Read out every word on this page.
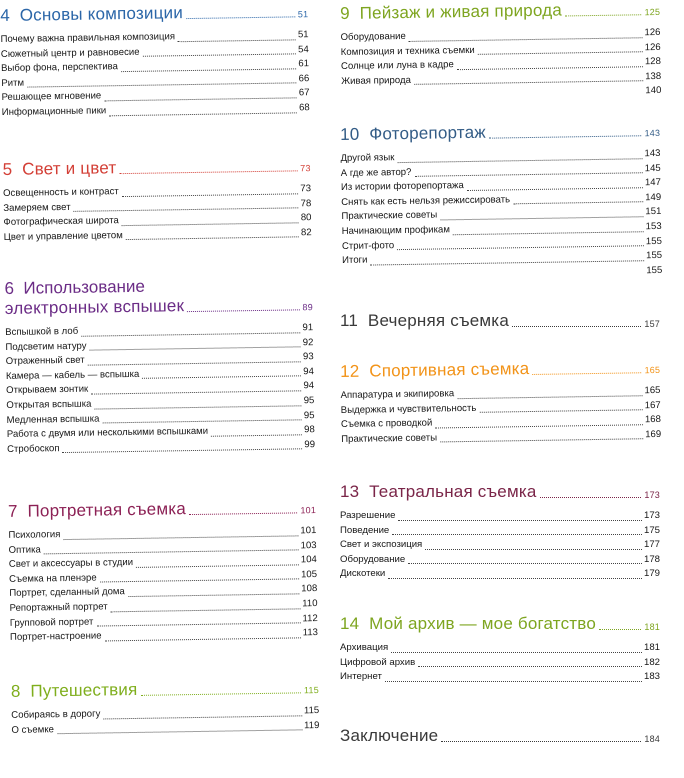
4 Основы композиции	51
Почему важна правильная композиция	51
Сюжетный центр и равновесие	54
Выбор фона, перспектива	61
Ритм	66
Решающее мгновение	67
Информационные пики	68
5 Свет и цвет	73
Освещенность и контраст	73
Замеряем свет	78
Фотографическая широта	80
Цвет и управление цветом	82
6 Использование
электронных вспышек	89
Вспышкой в лоб	91
Подсветим натуру	92
Отраженный свет	93
Камера — кабель — вспышка	94
Открываем зонтик	94
Открытая вспышка	95
Медленная вспышка	95
Работа с двумя или несколькими вспышками	98
Стробоскоп	99
7 Портретная съемка	101
Психология	101
Оптика	103
Свет и аксессуары в студии	104
Съемка на пленэре	105
Портрет, сделанный дома	108
Репортажный портрет	110
Групповой портрет	112
Портрет-настроение	113
8 Путешествия	115
Собираясь в дорогу	115
О съемке	119
9 Пейзаж и живая природа	125
Оборудование	126
Композиция и техника съемки	126
Солнце или луна в кадре	128
Живая природа	138
140
10 Фоторепортаж	143
Другой язык	143
А где же автор?	145
Из истории фоторепортажа	147
Снять как есть нельзя режиссировать	149
Практические советы	151
Начинающим профикам	153
Стрит-фото	155
Итоги	155
155
11 Вечерняя съемка	157
12 Спортивная съемка	165
Аппаратура и экипировка	165
Выдержка и чувствительность	167
Съемка с проводкой	168
Практические советы	169
13 Театральная съемка	173
Разрешение	173
Поведение	175
Свет и экспозиция	177
Оборудование	178
Дискотеки	179
14 Мой архив — мое богатство	181
Архивация	181
Цифровой архив	182
Интернет	183
Заключение	184
